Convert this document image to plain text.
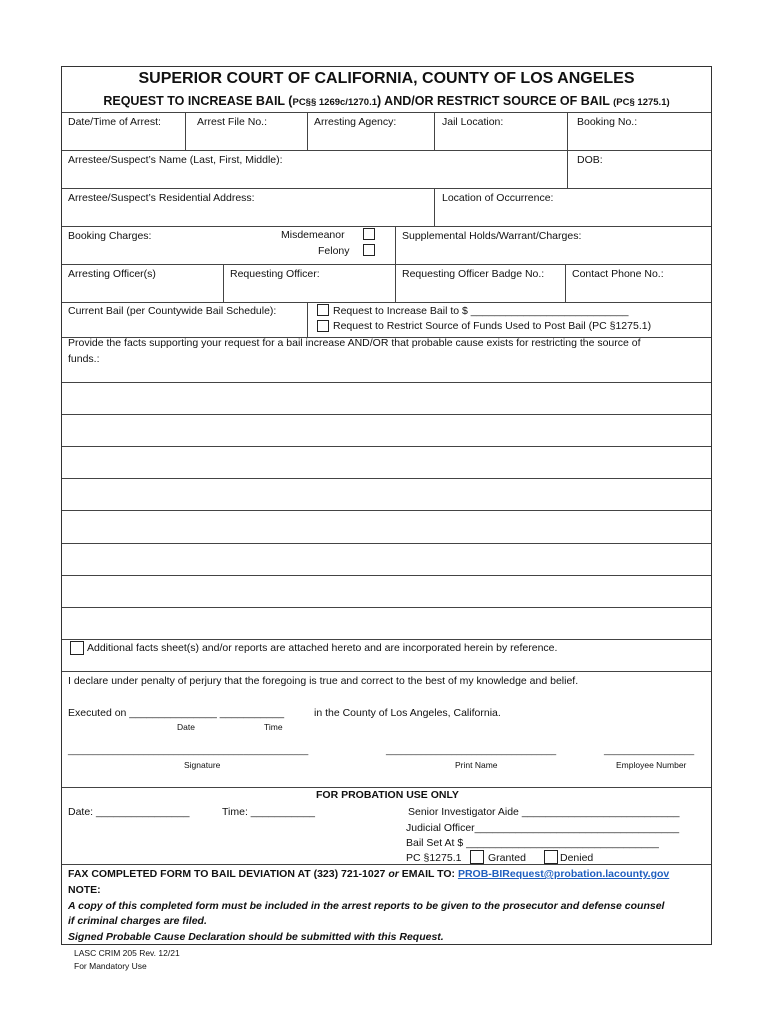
SUPERIOR COURT OF CALIFORNIA, COUNTY OF LOS ANGELES
REQUEST TO INCREASE BAIL (PC§§ 1269c/1270.1) AND/OR RESTRICT SOURCE OF BAIL (PC§ 1275.1)
Date/Time of Arrest:	Arrest File No.:	Arresting Agency:	Jail Location:	Booking No.:
Arrestee/Suspect’s Name (Last, First, Middle):	DOB:
Arrestee/Suspect’s Residential Address:	Location of Occurrence:
Booking Charges:	Misdemeanor
Felony
Supplemental Holds/Warrant/Charges:
Arresting Officer(s)	Requesting Officer:	Requesting Officer Badge No.:	Contact Phone No.:
Current Bail (per Countywide Bail Schedule):	Request to Increase Bail to $ ___________________________
Request to Restrict Source of Funds Used to Post Bail (PC §1275.1)
Provide the facts supporting your request for a bail increase AND/OR that probable cause exists for restricting the source of
funds.:
Additional facts sheet(s) and/or reports are attached hereto and are incorporated herein by reference.
I declare under penalty of perjury that the foregoing is true and correct to the best of my knowledge and belief.
Executed on _______________ ___________	in the County of Los Angeles, California.
Date	Time
________________________________________________	__________________________________	__________________
Signature	Print Name	Employee Number
FOR PROBATION USE ONLY
Date: ________________	Time: ___________	Senior Investigator Aide ___________________________
Judicial Officer___________________________________
Bail Set At $ _________________________________
PC §1275.1	Granted	Denied
FAX COMPLETED FORM TO BAIL DEVIATION AT (323) 721-1027 or EMAIL TO: PROB-BIRequest@probation.lacounty.gov
NOTE:
A copy of this completed form must be included in the arrest reports to be given to the prosecutor and defense counsel
if criminal charges are filed.
Signed Probable Cause Declaration should be submitted with this Request.
LASC CRIM 205 Rev. 12/21
For Mandatory Use
